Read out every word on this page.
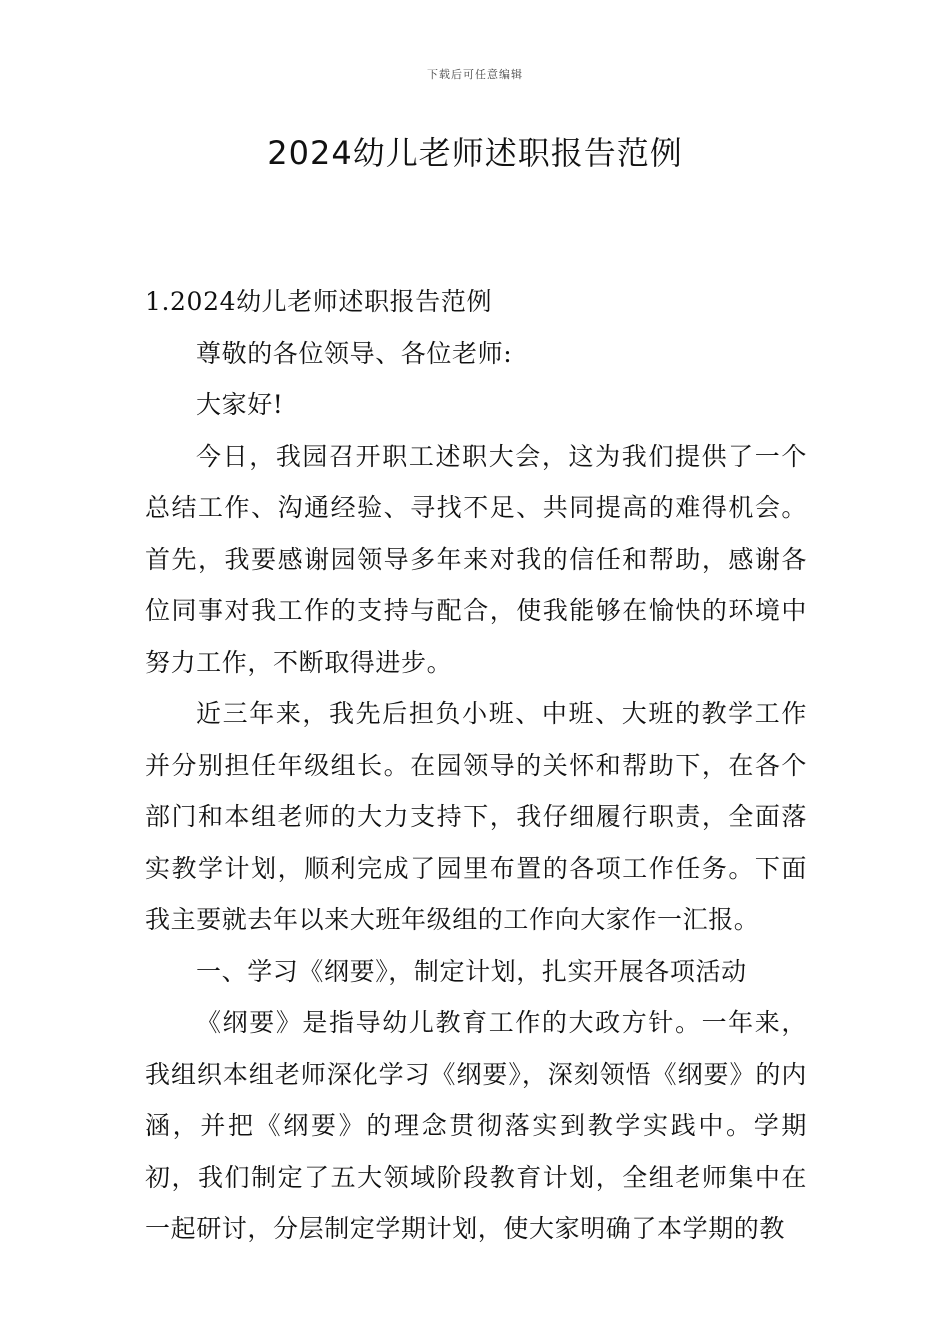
下载后可任意编辑
2024幼儿老师述职报告范例

1.2024幼儿老师述职报告范例

尊敬的各位领导、各位老师:

大家好!

今日，我园召开职工述职大会，这为我们提供了一个总结工作、沟通经验、寻找不足、共同提高的难得机会。首先，我要感谢园领导多年来对我的信任和帮助，感谢各位同事对我工作的支持与配合，使我能够在愉快的环境中努力工作，不断取得进步。

近三年来，我先后担负小班、中班、大班的教学工作并分别担任年级组长。在园领导的关怀和帮助下，在各个部门和本组老师的大力支持下，我仔细履行职责，全面落实教学计划，顺利完成了园里布置的各项工作任务。下面我主要就去年以来大班年级组的工作向大家作一汇报。

一、学习《纲要》，制定计划，扎实开展各项活动

《纲要》是指导幼儿教育工作的大政方针。一年来，我组织本组老师深化学习《纲要》，深刻领悟《纲要》的内涵，并把《纲要》的理念贯彻落实到教学实践中。学期初，我们制定了五大领域阶段教育计划，全组老师集中在一起研讨，分层制定学期计划，使大家明确了本学期的教
